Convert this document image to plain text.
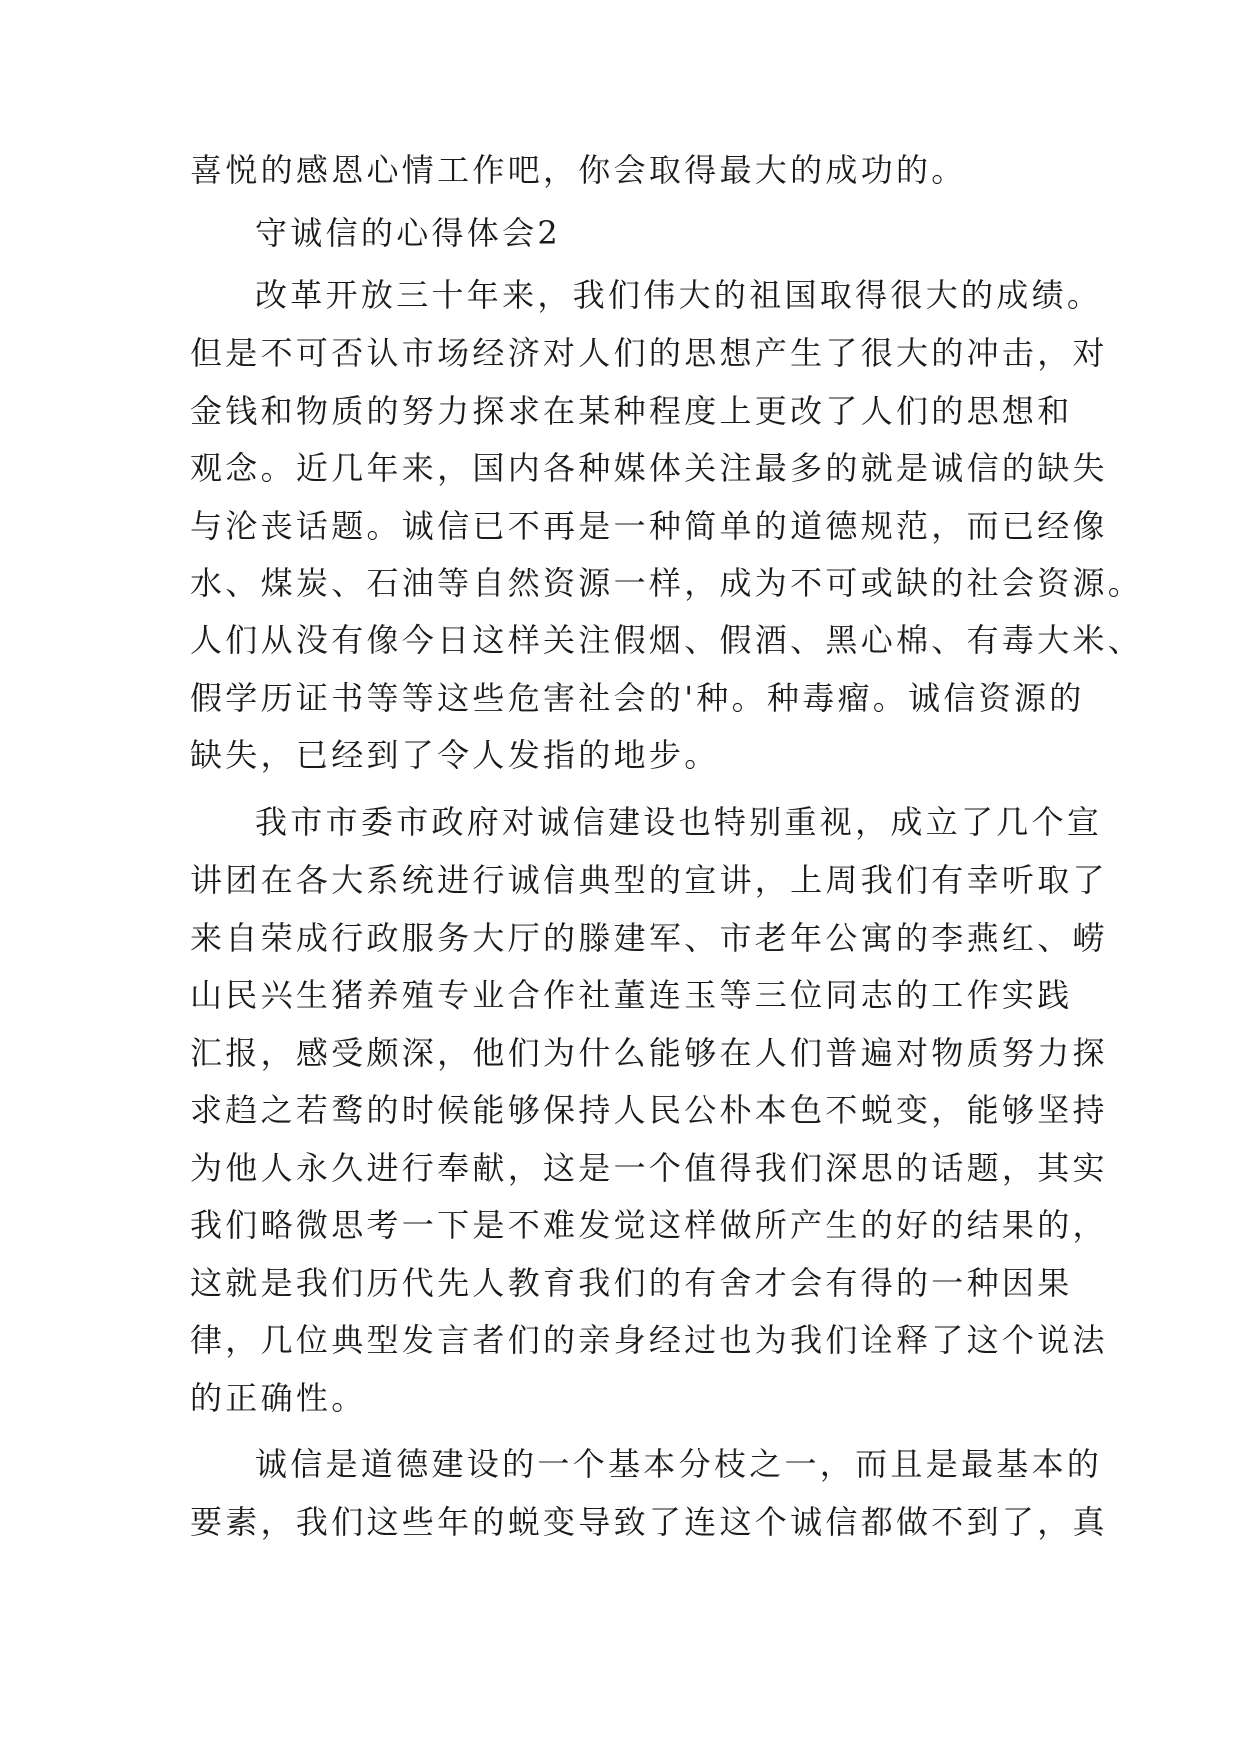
喜悦的感恩心情工作吧，你会取得最大的成功的。
守诚信的心得体会2
改革开放三十年来，我们伟大的祖国取得很大的成绩。
但是不可否认市场经济对人们的思想产生了很大的冲击，对
金钱和物质的努力探求在某种程度上更改了人们的思想和
观念。近几年来，国内各种媒体关注最多的就是诚信的缺失
与沦丧话题。诚信已不再是一种简单的道德规范，而已经像
水、煤炭、石油等自然资源一样，成为不可或缺的社会资源。
人们从没有像今日这样关注假烟、假酒、黑心棉、有毒大米、
假学历证书等等这些危害社会的'种。种毒瘤。诚信资源的
缺失，已经到了令人发指的地步。
我市市委市政府对诚信建设也特别重视，成立了几个宣
讲团在各大系统进行诚信典型的宣讲，上周我们有幸听取了
来自荣成行政服务大厅的滕建军、市老年公寓的李燕红、崂
山民兴生猪养殖专业合作社董连玉等三位同志的工作实践
汇报，感受颇深，他们为什么能够在人们普遍对物质努力探
求趋之若鹜的时候能够保持人民公朴本色不蜕变，能够坚持
为他人永久进行奉献，这是一个值得我们深思的话题，其实
我们略微思考一下是不难发觉这样做所产生的好的结果的，
这就是我们历代先人教育我们的有舍才会有得的一种因果
律，几位典型发言者们的亲身经过也为我们诠释了这个说法
的正确性。
诚信是道德建设的一个基本分枝之一，而且是最基本的
要素，我们这些年的蜕变导致了连这个诚信都做不到了，真
